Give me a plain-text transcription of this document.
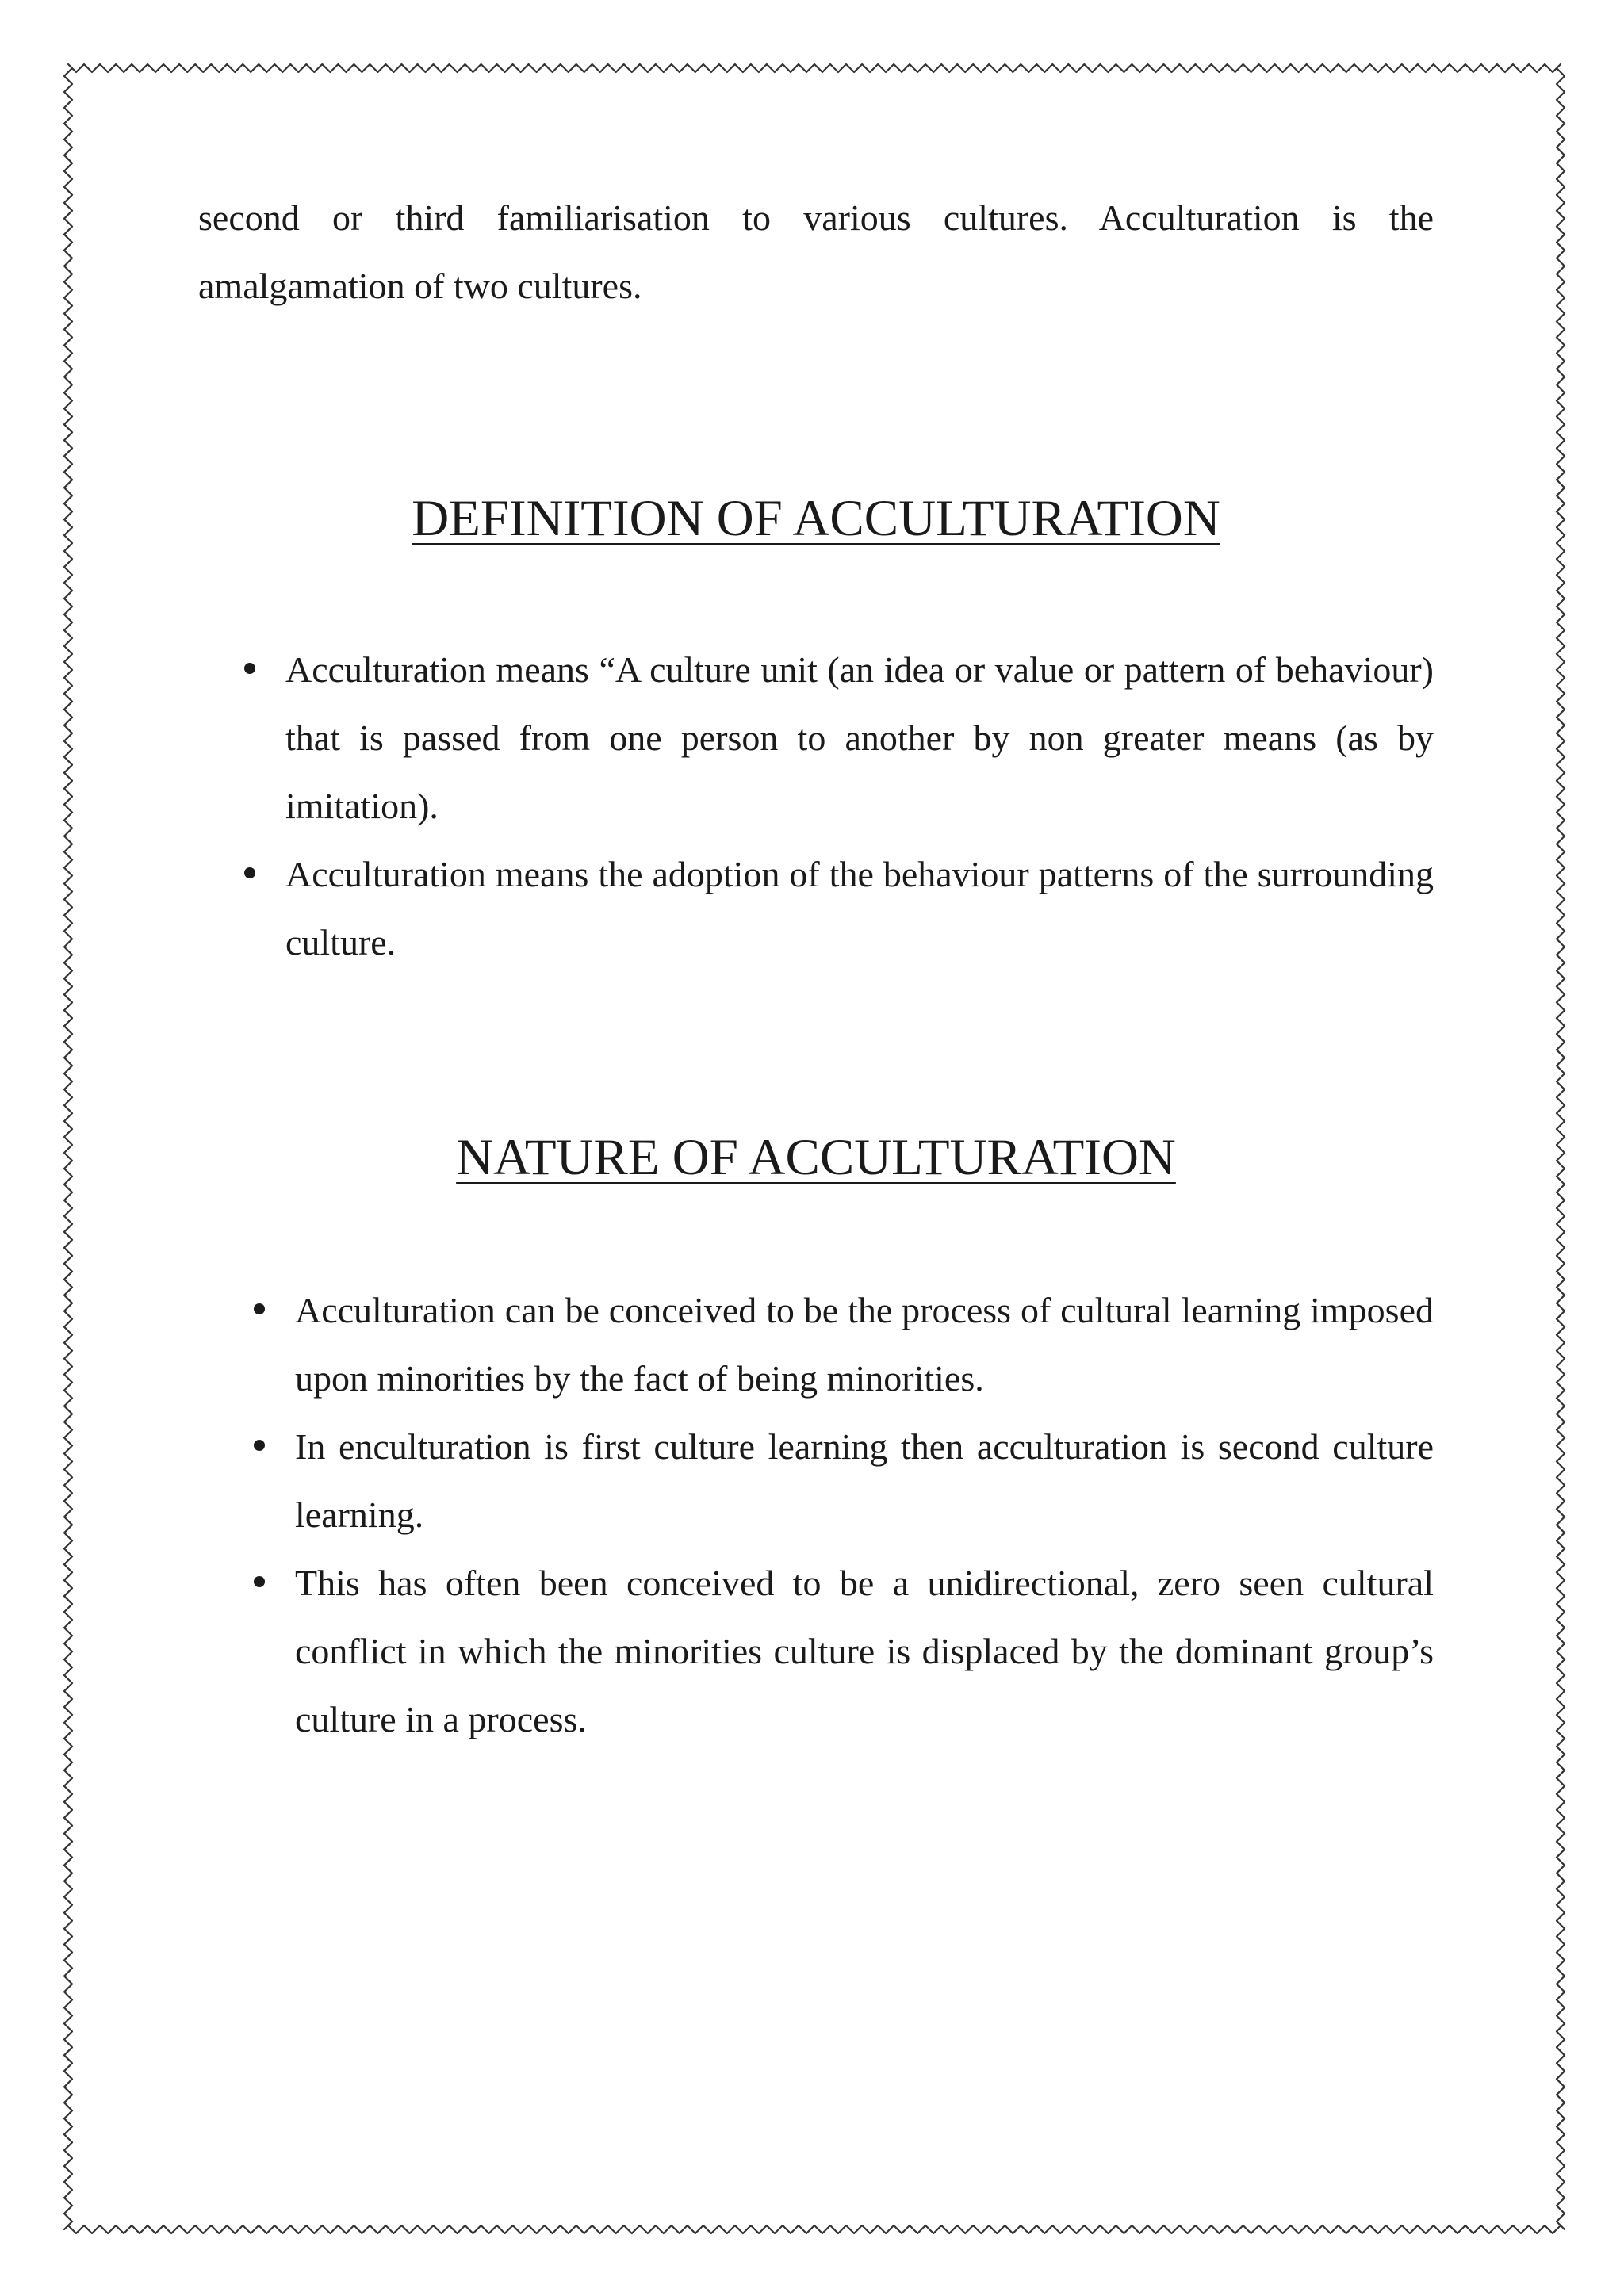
second or third familiarisation to various cultures. Acculturation is the amalgamation of two cultures.

DEFINITION OF ACCULTURATION
Acculturation means “A culture unit (an idea or value or pattern of behaviour) that is passed from one person to another by non greater means (as by imitation).
Acculturation means the adoption of the behaviour patterns of the surrounding culture.
NATURE OF ACCULTURATION
Acculturation can be conceived to be the process of cultural learning imposed upon minorities by the fact of being minorities.
In enculturation is first culture learning then acculturation is second culture learning.
This has often been conceived to be a unidirectional, zero seen cultural conflict in which the minorities culture is displaced by the dominant group’s culture in a process.
